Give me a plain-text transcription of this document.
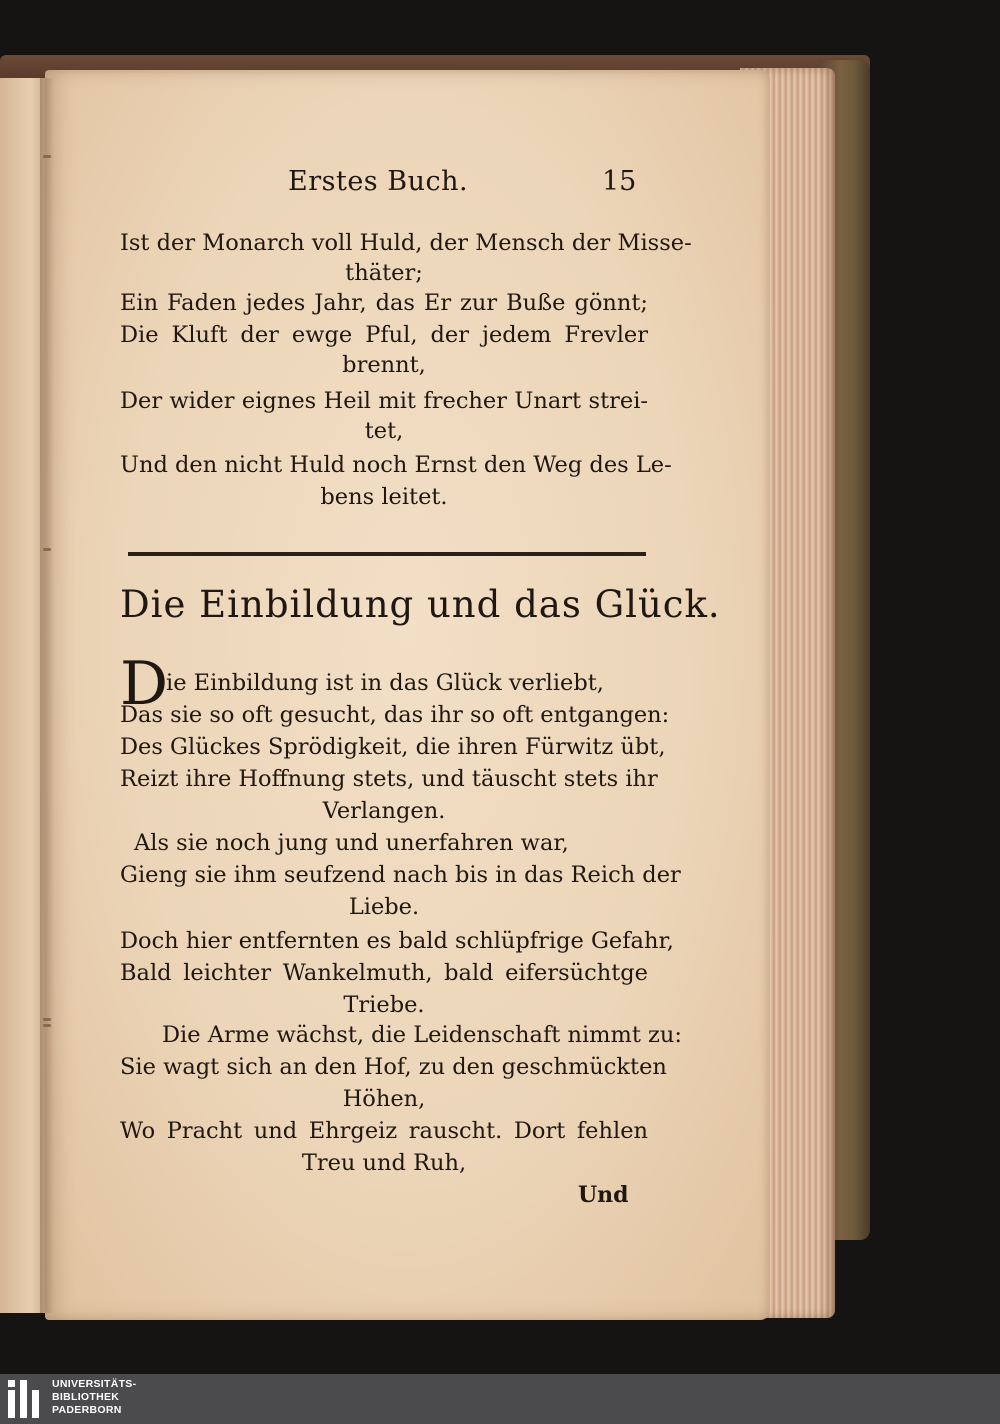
Erstes Buch.	15
Ist der Monarch voll Huld, der Mensch der Misse-
thäter;
Ein Faden jedes Jahr, das Er zur Buße gönnt;
Die Kluft der ewge Pful, der jedem Frevler
brennt,
Der wider eignes Heil mit frecher Unart strei-
tet,
Und den nicht Huld noch Ernst den Weg des Le-
bens leitet.
Die Einbildung und das Glück.
D
ie Einbildung ist in das Glück verliebt,
Das sie so oft gesucht, das ihr so oft entgangen:
Des Glückes Sprödigkeit, die ihren Fürwitz übt,
Reizt ihre Hoffnung stets, und täuscht stets ihr
Verlangen.
Als sie noch jung und unerfahren war,
Gieng sie ihm seufzend nach bis in das Reich der
Liebe.
Doch hier entfernten es bald schlüpfrige Gefahr,
Bald leichter Wankelmuth, bald eifersüchtge
Triebe.
Die Arme wächst, die Leidenschaft nimmt zu:
Sie wagt sich an den Hof, zu den geschmückten
Höhen,
Wo Pracht und Ehrgeiz rauscht. Dort fehlen
Treu und Ruh,
Und
UNIVERSITÄTS-
BIBLIOTHEK
PADERBORN
